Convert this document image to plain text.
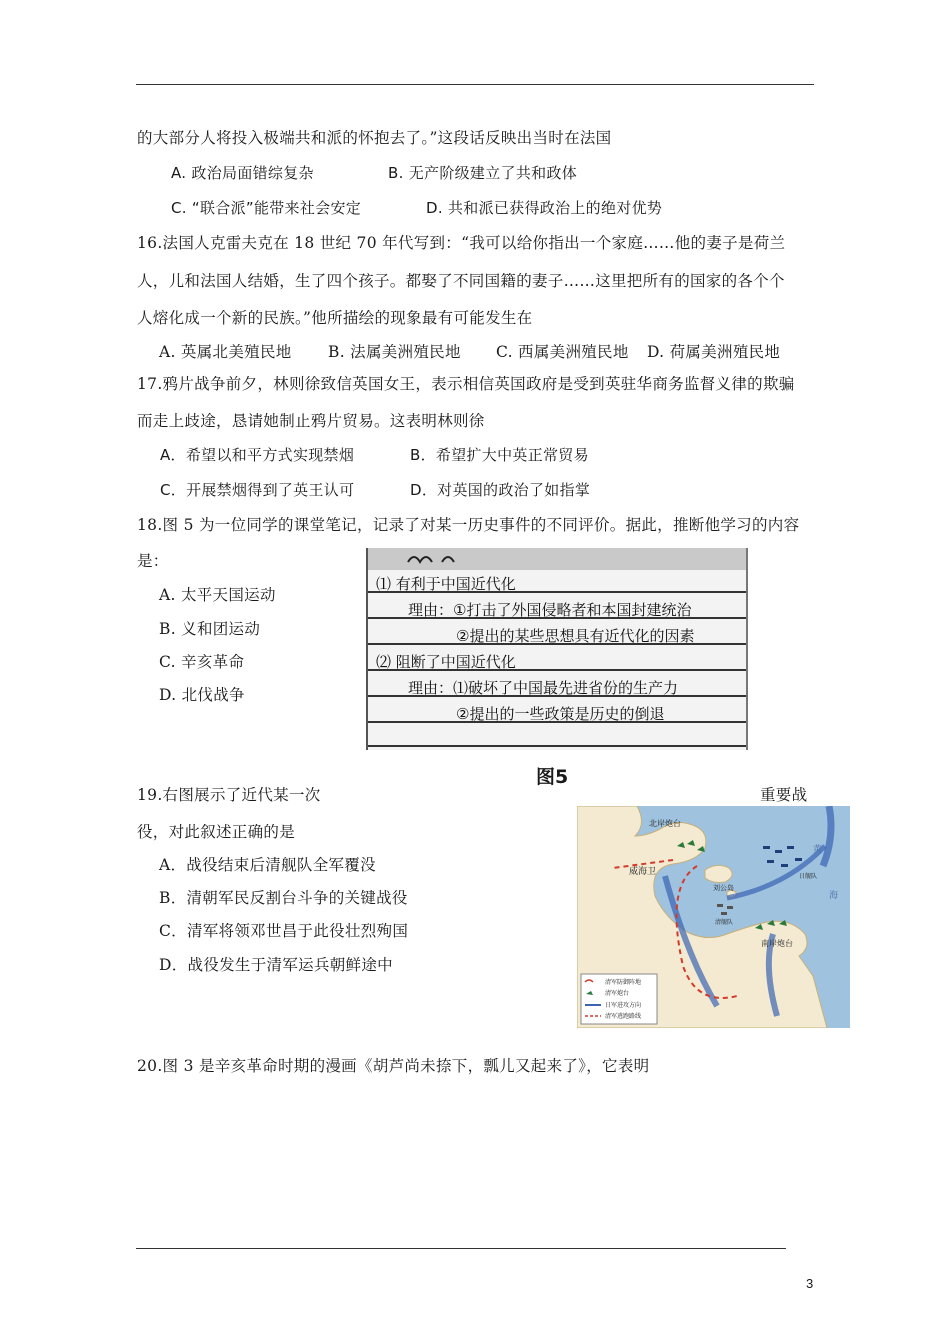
的大部分人将投入极端共和派的怀抱去了。”这段话反映出当时在法国
A. 政治局面错综复杂	B. 无产阶级建立了共和政体
C. “联合派”能带来社会安定	D. 共和派已获得政治上的绝对优势
16.法国人克雷夫克在 18 世纪 70 年代写到：“我可以给你指出一个家庭……他的妻子是荷兰
人，儿和法国人结婚，生了四个孩子。都娶了不同国籍的妻子……这里把所有的国家的各个个
人熔化成一个新的民族。”他所描绘的现象最有可能发生在
A. 英属北美殖民地 B. 法属美洲殖民地 C. 西属美洲殖民地 D. 荷属美洲殖民地
17.鸦片战争前夕，林则徐致信英国女王，表示相信英国政府是受到英驻华商务监督义律的欺骗
而走上歧途，恳请她制止鸦片贸易。这表明林则徐
A．希望以和平方式实现禁烟	B．希望扩大中英正常贸易
C．开展禁烟得到了英王认可	D．对英国的政治了如指掌
18.图 5 为一位同学的课堂笔记，记录了对某一历史事件的不同评价。据此，推断他学习的内容
是：
A. 太平天国运动
B. 义和团运动
C. 辛亥革命
D. 北伐战争
⑴ 有利于中国近代化
理由：①打击了外国侵略者和本国封建统治
②提出的某些思想具有近代化的因素
⑵ 阻断了中国近代化
理由：⑴破坏了中国最先进省份的生产力
②提出的一些政策是历史的倒退
图5
19.右图展示了近代某一次	重要战
役，对此叙述正确的是
A．战役结束后清舰队全军覆没
B．清朝军民反割台斗争的关键战役
C．清军将领邓世昌于此役壮烈殉国
D．战役发生于清军运兵朝鲜途中
北岸炮台
威海卫
刘公岛
清舰队
南岸炮台
日舰队
黄
海
清军防御阵地
清军炮台
日军进攻方向
清军逃跑路线
20.图 3 是辛亥革命时期的漫画《胡芦尚未捺下，瓢儿又起来了》，它表明
3
